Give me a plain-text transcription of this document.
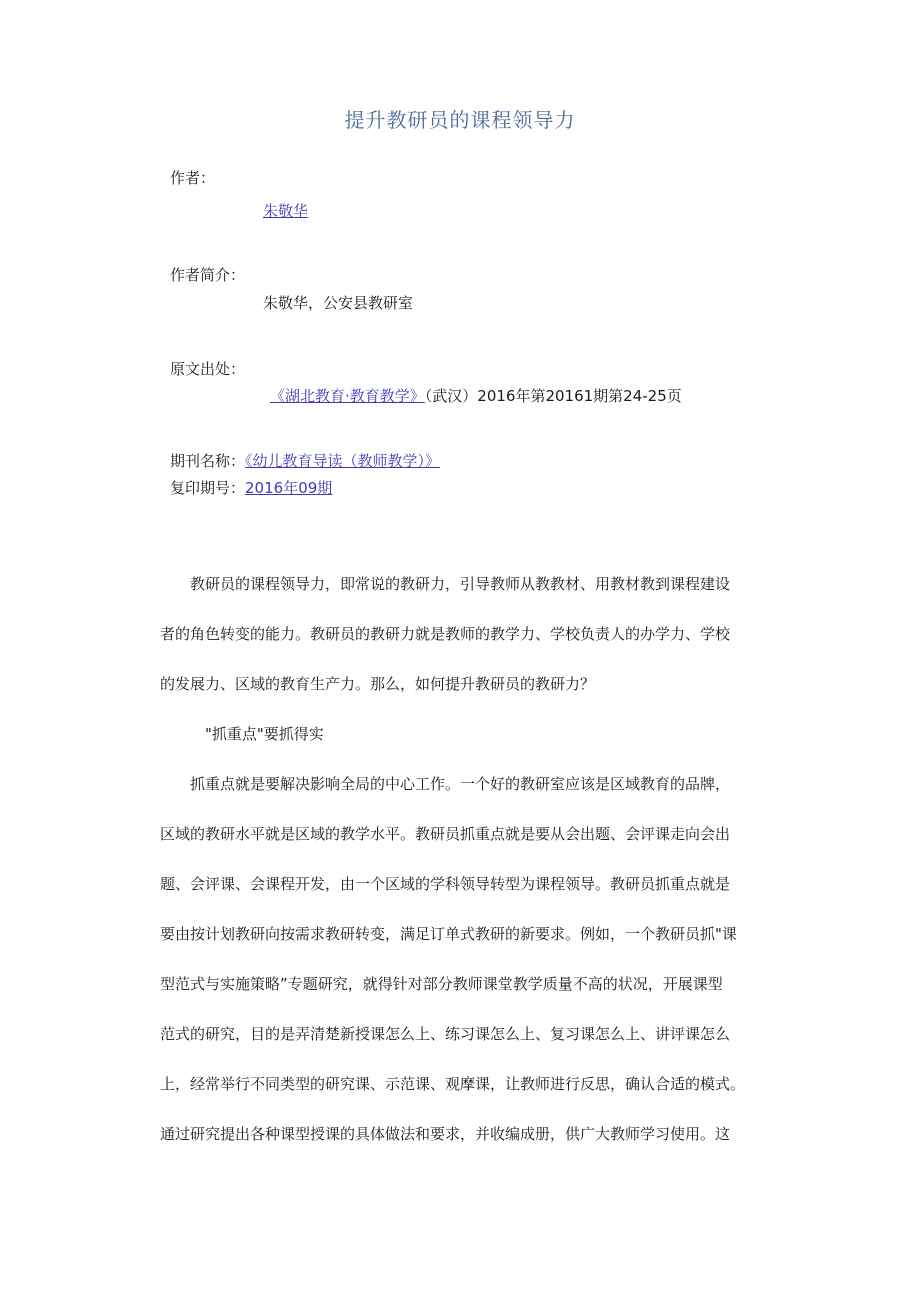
提升教研员的课程领导力
作者：
朱敬华
作者简介：
朱敬华，公安县教研室
原文出处：
《湖北教育·教育教学》（武汉）2016年第20161期第24-25页
期刊名称：《幼儿教育导读（教师教学）》
复印期号：2016年09期

　　教研员的课程领导力，即常说的教研力，引导教师从教教材、用教材教到课程建设

者的角色转变的能力。教研员的教研力就是教师的教学力、学校负责人的办学力、学校

的发展力、区域的教育生产力。那么，如何提升教研员的教研力？

　　　"抓重点"要抓得实

　　抓重点就是要解决影响全局的中心工作。一个好的教研室应该是区域教育的品牌，

区域的教研水平就是区域的教学水平。教研员抓重点就是要从会出题、会评课走向会出

题、会评课、会课程开发，由一个区域的学科领导转型为课程领导。教研员抓重点就是

要由按计划教研向按需求教研转变，满足订单式教研的新要求。例如，一个教研员抓"课

型范式与实施策略”专题研究，就得针对部分教师课堂教学质量不高的状况，开展课型

范式的研究，目的是弄清楚新授课怎么上、练习课怎么上、复习课怎么上、讲评课怎么

上，经常举行不同类型的研究课、示范课、观摩课，让教师进行反思，确认合适的模式。

通过研究提出各种课型授课的具体做法和要求，并收编成册，供广大教师学习使用。这
